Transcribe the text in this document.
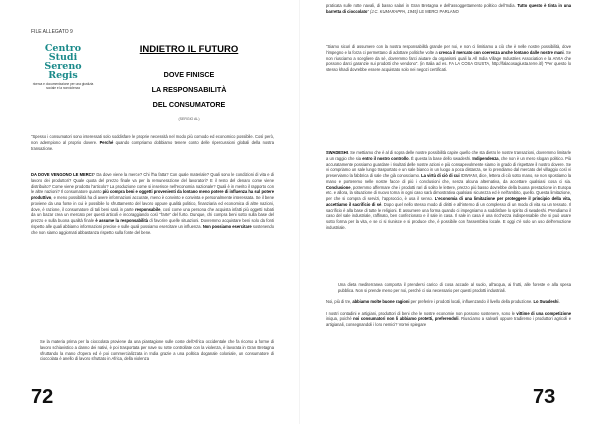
FILE ALLEGATO 9
Centro
Studi
Sereno
Regis
ricerca e documentazione per una giustizia sociale e la nonviolenza
INDIETRO IL FUTURO
DOVE FINISCE
LA RESPONSABILITÀ
DEL CONSUMATORE
(SERGIO AL)
"Spesso i consumatori sono interessati solo soddisfare le proprie necessità nel modo più comodo ed economico possibile. Così però, non adempiono al proprio dovere. Perché quando compriamo dobbiamo tenere conto delle ripercussioni globali della nostra transazione.
DA DOVE VENGONO LE MERCI? Da dove viene la merce? Chi l'ha fatta? Con quale materiale? Quali sono le condizioni di vita e di lavoro dei produttori? Quale quota del prezzo finale va per la remunerazione del lavoratori? E il resto del denaro come viene distribuito? Come viene prodotto l'articolo? La produzione come si inserisce nell'economia nazionale? Quali è in merito il rapporto con le altre nazioni? Il consumatore quanto più compra beni e oggetti provenienti da lontano meno potere di influenza ha sul potere produttivo, e meno possibilità ha di avere informazioni accurate, meno è convinto e convinta e personalmente interessata. Se il bene proviene da una fonte in cui è possibile lo sfruttamento del lavoro oppure qualità politico, finanziaria ed economica di altre nazioni, dove, è razione, il consumatore di tali beni sarà in parte responsabile, così come una persona che acquista infatti più oggetti rubati da un bazar crea un mercato per questi articoli e incoraggiando così "l'arte" del furto. Dunque, chi compra beni sotto sulla base del prezzo e sulla buona qualità finale è assume la responsabilità di favorire quelle situazioni. Dovremmo acquistare beni solo da fonti rispetto alle quali abbiamo informazioni precise e sulle quali possiamo esercitare un influenza. Non possiamo esercitare sostenendo che non siamo aggiornati abbastanza rispetto sulla fonte del bene.
Se la materia prima per la cioccolata proviene da una piantagione sulle coste dell'Africa occidentale che fa ricorso a forme di lavoro schiavistico a danno dei nativi, è poi trasportata per nave su rotte controllate con la violenza, è lavorata in Gran Bretagna sfruttando la mano d'opera ed è poi commercializzata in India grazie a una politica doganale coloniale, un consumatore di cioccolata è anello di lavoro sfruttato in Africa, della violenza
72
praticata sulle rotte navali, di basso salari in Gran Bretagna e dell'assoggettamento politico dell'India. Tutto questo è tinta in una barretta di cioccolato" (J.C. KUMARAPPA, 1945) LE MERCI PARLANO
"Siamo sicuri di assumere con la nostra responsabilità grande per noi, e non ci limitiamo a ciò che è nelle nostre possibilità, dove l'impegno e la forza ci permettano di adottare politiche volte a cresca il mercato con coerenza anche lontano dalle nostre mani. Se non riusciamo a scegliere da sé, dovremmo farci aiutare da organismi quali la All India Village Industries Association e la AIVIA che possono darci garanzie sui prodotti che vendono". (in Italia ad es. FA LA COSA GIUSTA, http://falacosagiusta.terre.it/) "Per questo lo stesso khadi dovrebbe essere acquistato solo nei negozi certificati.
SWADESHI. Se mettiamo che è al di sopra delle nostre possibilità capire quello che sta dietro le nostre transazioni, dovremmo limitarle a un raggio che sia entro il nostro controllo. È questa la base dello swadeshi. Indipendenza, che non è un mero slogan politico. Più accuratamente possiamo guardare i risultati delle nostre azioni e più consapevolmente siamo in grado di rispettare il nostro dovere. Se vi compriamo un sale lungo trasportato e un sale bianco in un luogo a poca distanza, se lo prendiamo dal mercato del villaggio così vi preserviamo la fabbrica di sale che già conosciamo. La virtù di ciò di cui IDWIANI, dice, lettera di ciò sotto mano, se non spostiamo la mano e porteremo nelle nostre facce di più i conclusioni che, senza alcuna alternativa, da accettare qualsiasi cosa ci sia. Conclusione, potremmo affermare che i prodotti rari di solito le lettere, prezzo più basso dovrebbe della buona prestazione in Europa etc. e allora, la situazione di nuovo torna in ogni caso sarà dimostrativa qualsiasi sicurezza ed è nell'ambito, quello. Questa limitazione, per che si compra di servizi, l'approccio, è usa il senso. L'economia di una limitazione per proteggere il principio della vita, accettiamo il sacrificio di sé. Dopo quel nello stesso modo di diritti e all'interno di un complesso di un modo di vita su un tessuto. Il sacrificio è alla base di tutte le religioni. È assumere una forma quando ci impegniamo a soddisfare lo spirito di swadeshi. Prendiamo il caso del sale industriale, raffinato, ben confezionato e il sale in casa. Il sale in casa è una ricchezza indispensabile che si può usare sotto forma per la vita, e se ci si riunisce e si produce che, è possibile con l'assemblea locale. E oggi c'è solo un uso dell'emozione industriale.
Una dieta mediterranea comporta il prendersi carico di cosa accade al suolo, all'acqua, ai frutti, alle foreste e alla spesa pubblica. Non si prende meno per noi, perché ci sia necessario per questi prodotti industriali.
Noi, più di tre, abbiamo molte buone ragioni per preferire i prodotti locali, influenzando il livello della produzione. Lo Swadeshi.

I nostri contadini e artigiani, produttori di beni che le nostre economie non possono sostenere, sono le vittime di una competizione iniqua, poiché noi consumatori non li abbiamo protetti, preferendoli. Riusciamo a salvarli oppure tradiremo i produttori agricoli e artigianali, consegnandoli i loro nemici? Vorrei spiegare
73
